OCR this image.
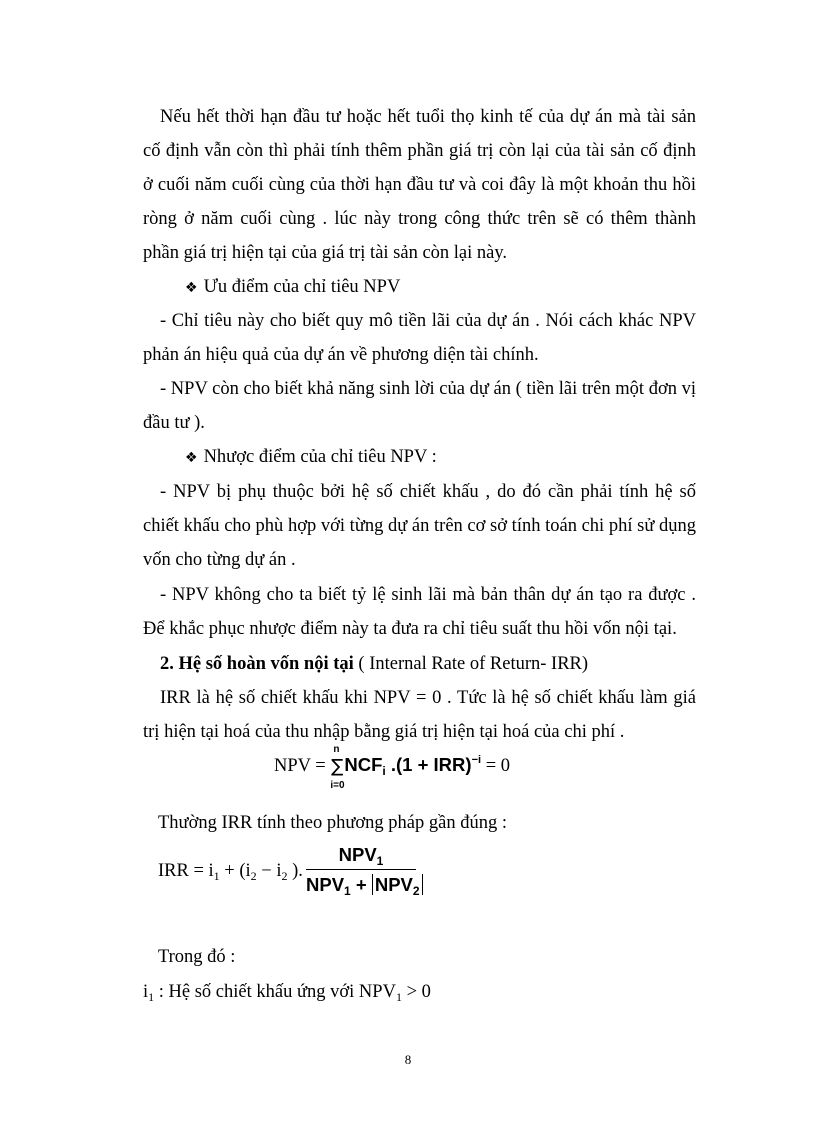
Nếu hết thời hạn đầu tư hoặc hết tuổi thọ kinh tế của dự án mà tài sản cố định vẫn còn thì phải tính thêm phần giá trị còn lại của tài sản cố định ở cuối năm cuối cùng của thời hạn đầu tư và coi đây là một khoản thu hồi ròng ở năm cuối cùng . lúc này trong công thức trên sẽ có thêm thành phần giá trị hiện tại của giá trị tài sản còn lại này.

❖ Ưu điểm của chỉ tiêu NPV

- Chỉ tiêu này cho biết quy mô tiền lãi của dự án . Nói cách khác NPV phản án hiệu quả của dự án về phương diện tài chính.

- NPV còn cho biết khả năng sinh lời của dự án ( tiền lãi trên một đơn vị đầu tư ).

❖ Nhược điểm của chỉ tiêu NPV :

- NPV bị phụ thuộc bởi hệ số chiết khấu , do đó cần phải tính hệ số chiết khấu cho phù hợp với từng dự án trên cơ sở tính toán chi phí sử dụng vốn cho từng dự án .

- NPV không cho ta biết tỷ lệ sinh lãi mà bản thân dự án tạo ra được . Để khắc phục nhược điểm này ta đưa ra chỉ tiêu suất thu hồi vốn nội tại.

2. Hệ số hoàn vốn nội tại ( Internal Rate of Return- IRR)

IRR là hệ số chiết khấu khi NPV = 0 . Tức là hệ số chiết khấu làm giá trị hiện tại hoá của thu nhập bằng giá trị hiện tại hoá của chi phí .

NPV =
n
∑
i=0
$NCF_i$ .(1 + IRR)$^{-i}$ = 0

Thường IRR tính theo phương pháp gần đúng :

IRR = $i_1 + (i_2 - i_2$ ).
$NPV_1$
$NPV_1 + NPV_2$

Trong đó :

$i_1$ : Hệ số chiết khấu ứng với $NPV_1 > 0$

8
